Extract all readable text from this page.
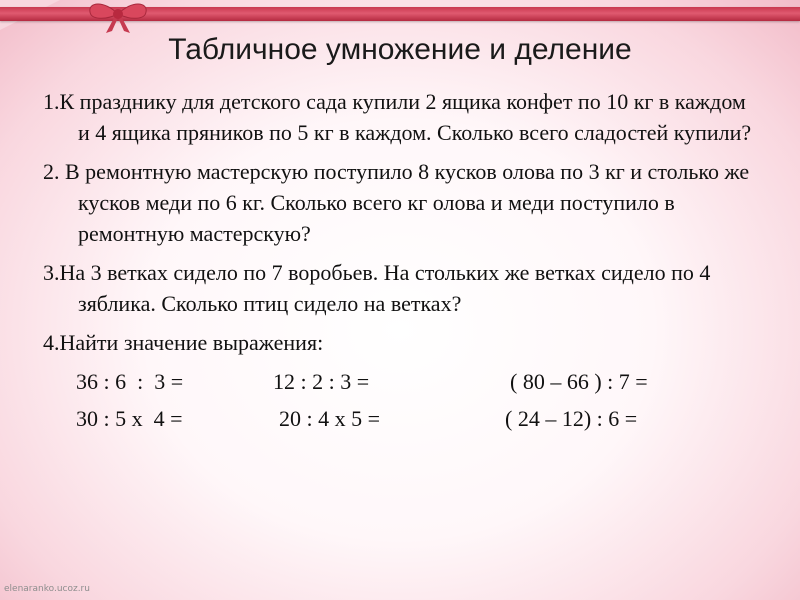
Табличное умножение и деление

1.К празднику для детского сада купили 2 ящика конфет по 10 кг в каждом и 4 ящика пряников по 5 кг в каждом. Сколько всего сладостей купили?

2. В ремонтную мастерскую поступило 8 кусков олова по 3 кг и столько же кусков меди по 6 кг. Сколько всего кг олова и меди поступило в ремонтную мастерскую?

3.На 3 ветках сидело по 7 воробьев. На стольких же ветках сидело по 4 зяблика. Сколько птиц сидело на ветках?

4.Найти значение выражения:

36 : 6  :  3 =	12 : 2 : 3 =	( 80 – 66 ) : 7 =
30 : 5 х  4 =	20 : 4 х 5 =	( 24 – 12) : 6 =
elenaranko.ucoz.ru
